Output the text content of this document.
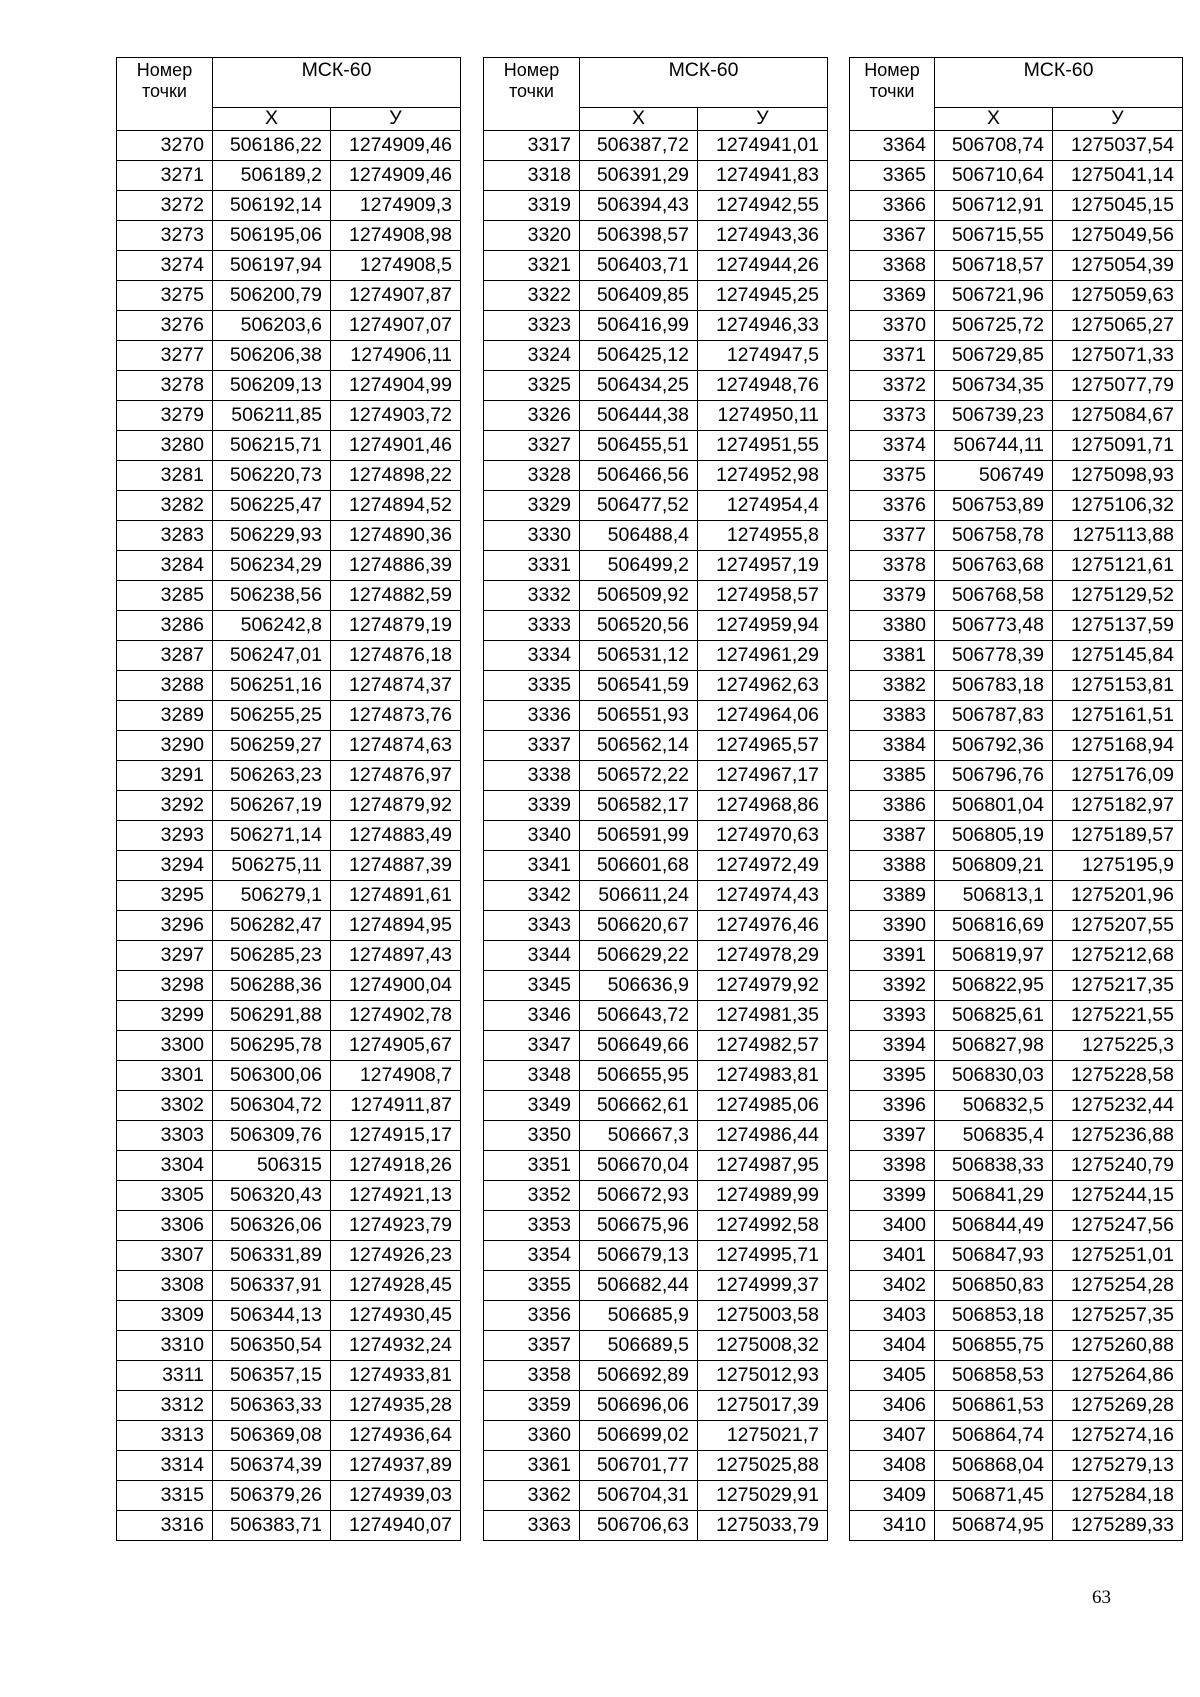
Номер
точки	МСК-60	
	X	У
3270	506186,22	1274909,46
3271	506189,2	1274909,46
3272	506192,14	1274909,3
3273	506195,06	1274908,98
3274	506197,94	1274908,5
3275	506200,79	1274907,87
3276	506203,6	1274907,07
3277	506206,38	1274906,11
3278	506209,13	1274904,99
3279	506211,85	1274903,72
3280	506215,71	1274901,46
3281	506220,73	1274898,22
3282	506225,47	1274894,52
3283	506229,93	1274890,36
3284	506234,29	1274886,39
3285	506238,56	1274882,59
3286	506242,8	1274879,19
3287	506247,01	1274876,18
3288	506251,16	1274874,37
3289	506255,25	1274873,76
3290	506259,27	1274874,63
3291	506263,23	1274876,97
3292	506267,19	1274879,92
3293	506271,14	1274883,49
3294	506275,11	1274887,39
3295	506279,1	1274891,61
3296	506282,47	1274894,95
3297	506285,23	1274897,43
3298	506288,36	1274900,04
3299	506291,88	1274902,78
3300	506295,78	1274905,67
3301	506300,06	1274908,7
3302	506304,72	1274911,87
3303	506309,76	1274915,17
3304	506315	1274918,26
3305	506320,43	1274921,13
3306	506326,06	1274923,79
3307	506331,89	1274926,23
3308	506337,91	1274928,45
3309	506344,13	1274930,45
3310	506350,54	1274932,24
3311	506357,15	1274933,81
3312	506363,33	1274935,28
3313	506369,08	1274936,64
3314	506374,39	1274937,89
3315	506379,26	1274939,03
3316	506383,71	1274940,07
Номер
точки	МСК-60	
	X	У
3317	506387,72	1274941,01
3318	506391,29	1274941,83
3319	506394,43	1274942,55
3320	506398,57	1274943,36
3321	506403,71	1274944,26
3322	506409,85	1274945,25
3323	506416,99	1274946,33
3324	506425,12	1274947,5
3325	506434,25	1274948,76
3326	506444,38	1274950,11
3327	506455,51	1274951,55
3328	506466,56	1274952,98
3329	506477,52	1274954,4
3330	506488,4	1274955,8
3331	506499,2	1274957,19
3332	506509,92	1274958,57
3333	506520,56	1274959,94
3334	506531,12	1274961,29
3335	506541,59	1274962,63
3336	506551,93	1274964,06
3337	506562,14	1274965,57
3338	506572,22	1274967,17
3339	506582,17	1274968,86
3340	506591,99	1274970,63
3341	506601,68	1274972,49
3342	506611,24	1274974,43
3343	506620,67	1274976,46
3344	506629,22	1274978,29
3345	506636,9	1274979,92
3346	506643,72	1274981,35
3347	506649,66	1274982,57
3348	506655,95	1274983,81
3349	506662,61	1274985,06
3350	506667,3	1274986,44
3351	506670,04	1274987,95
3352	506672,93	1274989,99
3353	506675,96	1274992,58
3354	506679,13	1274995,71
3355	506682,44	1274999,37
3356	506685,9	1275003,58
3357	506689,5	1275008,32
3358	506692,89	1275012,93
3359	506696,06	1275017,39
3360	506699,02	1275021,7
3361	506701,77	1275025,88
3362	506704,31	1275029,91
3363	506706,63	1275033,79
Номер
точки	МСК-60	
	X	У
3364	506708,74	1275037,54
3365	506710,64	1275041,14
3366	506712,91	1275045,15
3367	506715,55	1275049,56
3368	506718,57	1275054,39
3369	506721,96	1275059,63
3370	506725,72	1275065,27
3371	506729,85	1275071,33
3372	506734,35	1275077,79
3373	506739,23	1275084,67
3374	506744,11	1275091,71
3375	506749	1275098,93
3376	506753,89	1275106,32
3377	506758,78	1275113,88
3378	506763,68	1275121,61
3379	506768,58	1275129,52
3380	506773,48	1275137,59
3381	506778,39	1275145,84
3382	506783,18	1275153,81
3383	506787,83	1275161,51
3384	506792,36	1275168,94
3385	506796,76	1275176,09
3386	506801,04	1275182,97
3387	506805,19	1275189,57
3388	506809,21	1275195,9
3389	506813,1	1275201,96
3390	506816,69	1275207,55
3391	506819,97	1275212,68
3392	506822,95	1275217,35
3393	506825,61	1275221,55
3394	506827,98	1275225,3
3395	506830,03	1275228,58
3396	506832,5	1275232,44
3397	506835,4	1275236,88
3398	506838,33	1275240,79
3399	506841,29	1275244,15
3400	506844,49	1275247,56
3401	506847,93	1275251,01
3402	506850,83	1275254,28
3403	506853,18	1275257,35
3404	506855,75	1275260,88
3405	506858,53	1275264,86
3406	506861,53	1275269,28
3407	506864,74	1275274,16
3408	506868,04	1275279,13
3409	506871,45	1275284,18
3410	506874,95	1275289,33
63
